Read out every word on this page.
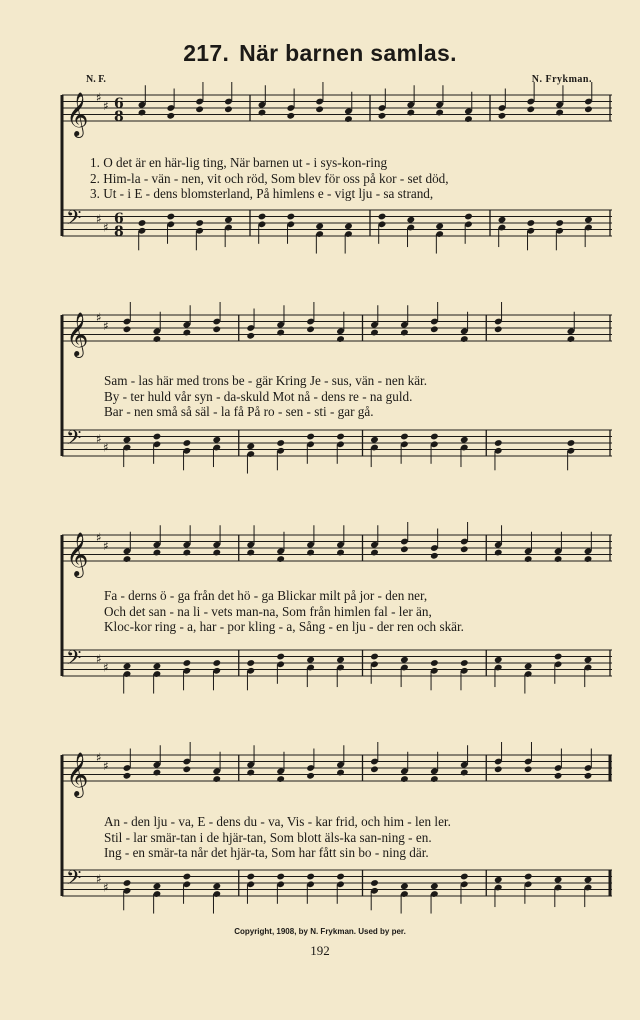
217. När barnen samlas.
N. F.	N. Frykman.
𝄞 ♯
♯ 6
8
𝄢 ♯
♯
6
8
1. O det är en här-lig ting, När barnen ut - i sys-kon-ring
2. Him-la - vän - nen, vit och röd, Som blev för oss på kor - set död,
3. Ut - i E - dens blomsterland, På himlens e - vigt lju - sa strand,
𝄞 ♯
♯
𝄢 ♯
♯
Sam - las här med trons be - gär Kring Je - sus, vän - nen kär.
By - ter huld vår syn - da-skuld Mot nå - dens re - na guld.
Bar - nen små så säl - la få På ro - sen - sti - gar gå.
𝄞 ♯
♯
𝄢 ♯
♯
Fa - derns ö - ga från det hö - ga Blickar milt på jor - den ner,
Och det san - na li - vets man-na, Som från himlen fal - ler än,
Kloc-kor ring - a, har - por kling - a, Sång - en lju - der ren och skär.
𝄞 ♯
♯
𝄢 ♯
♯
An - den lju - va, E - dens du - va, Vis - kar frid, och him - len ler.
Stil - lar smär-tan i de hjär-tan, Som blott äls-ka san-ning - en.
Ing - en smär-ta når det hjär-ta, Som har fått sin bo - ning där.
Copyright, 1908, by N. Frykman. Used by per.
192
